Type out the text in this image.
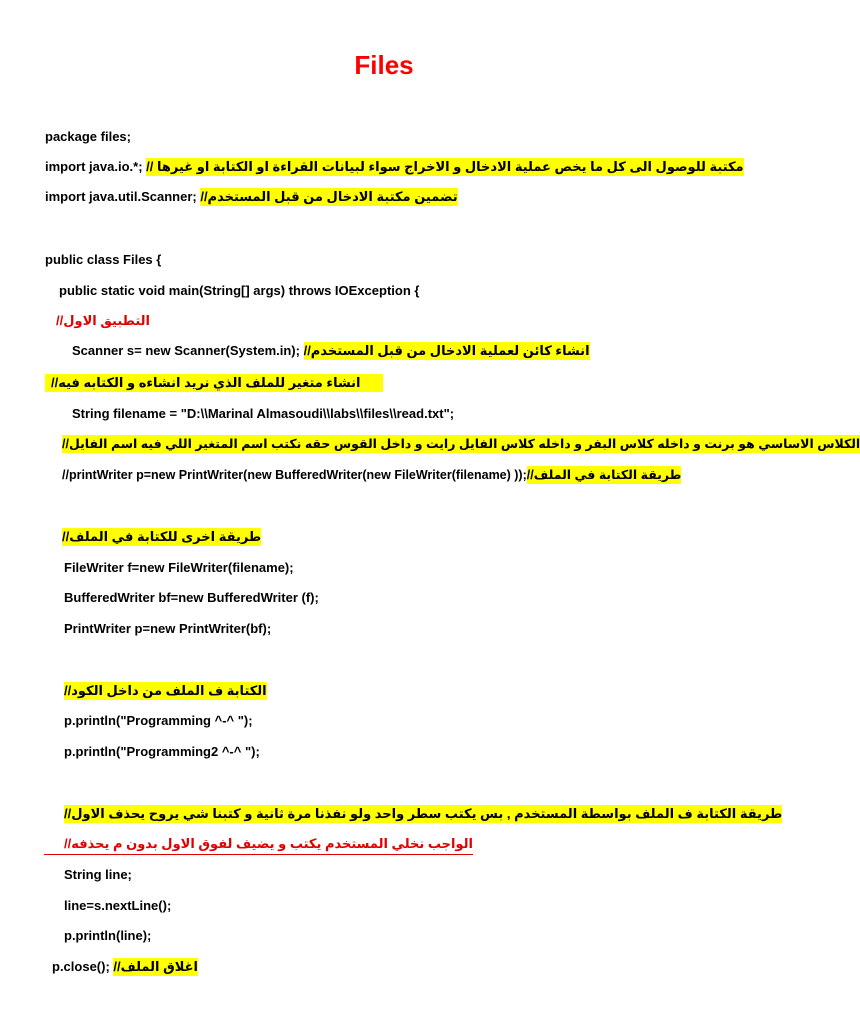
Files
package files;
import java.io.*; مكتبة للوصول الى كل ما يخص عملية الادخال و الاخراج سواء لبيانات القراءة او الكتابة او غيرها //
import java.util.Scanner; تضمين مكتبة الادخال من قبل المستخدم//
public class Files {
public static void main(String[] args) throws IOException {
التطبيق الاول//
Scanner s= new Scanner(System.in); انشاء كائن لعملية الادخال من قبل المستخدم//
انشاء متغير للملف الذي نريد انشاءه و الكتابه فيه//
String filename = "D:\\Marinal Almasoudi\\labs\\files\\read.txt";
الكلاس الاساسي هو برنت و داخله كلاس البفر و داخله كلاس الفايل رايت و داخل القوس حقه نكتب اسم المتغير اللي فيه اسم الفايل//
//printWriter p=new PrintWriter(new BufferedWriter(new FileWriter(filename) ));طريقة الكتابة في الملف//
طريقة اخرى للكتابة في الملف//
FileWriter f=new FileWriter(filename);
BufferedWriter bf=new BufferedWriter (f);
PrintWriter p=new PrintWriter(bf);
الكتابة ف الملف من داخل الكود//
p.println("Programming ^-^ ");
p.println("Programming2 ^-^ ");
طريقة الكتابة ف الملف بواسطة المستخدم , بس يكتب سطر واحد ولو نفذنا مرة ثانية و كتبنا شي يروح يحذف الاول//
الواجب نخلي المستخدم يكتب و يضيف لفوق الاول بدون م يحذفه//
String line;
line=s.nextLine();
p.println(line);
p.close(); اغلاق الملف//
